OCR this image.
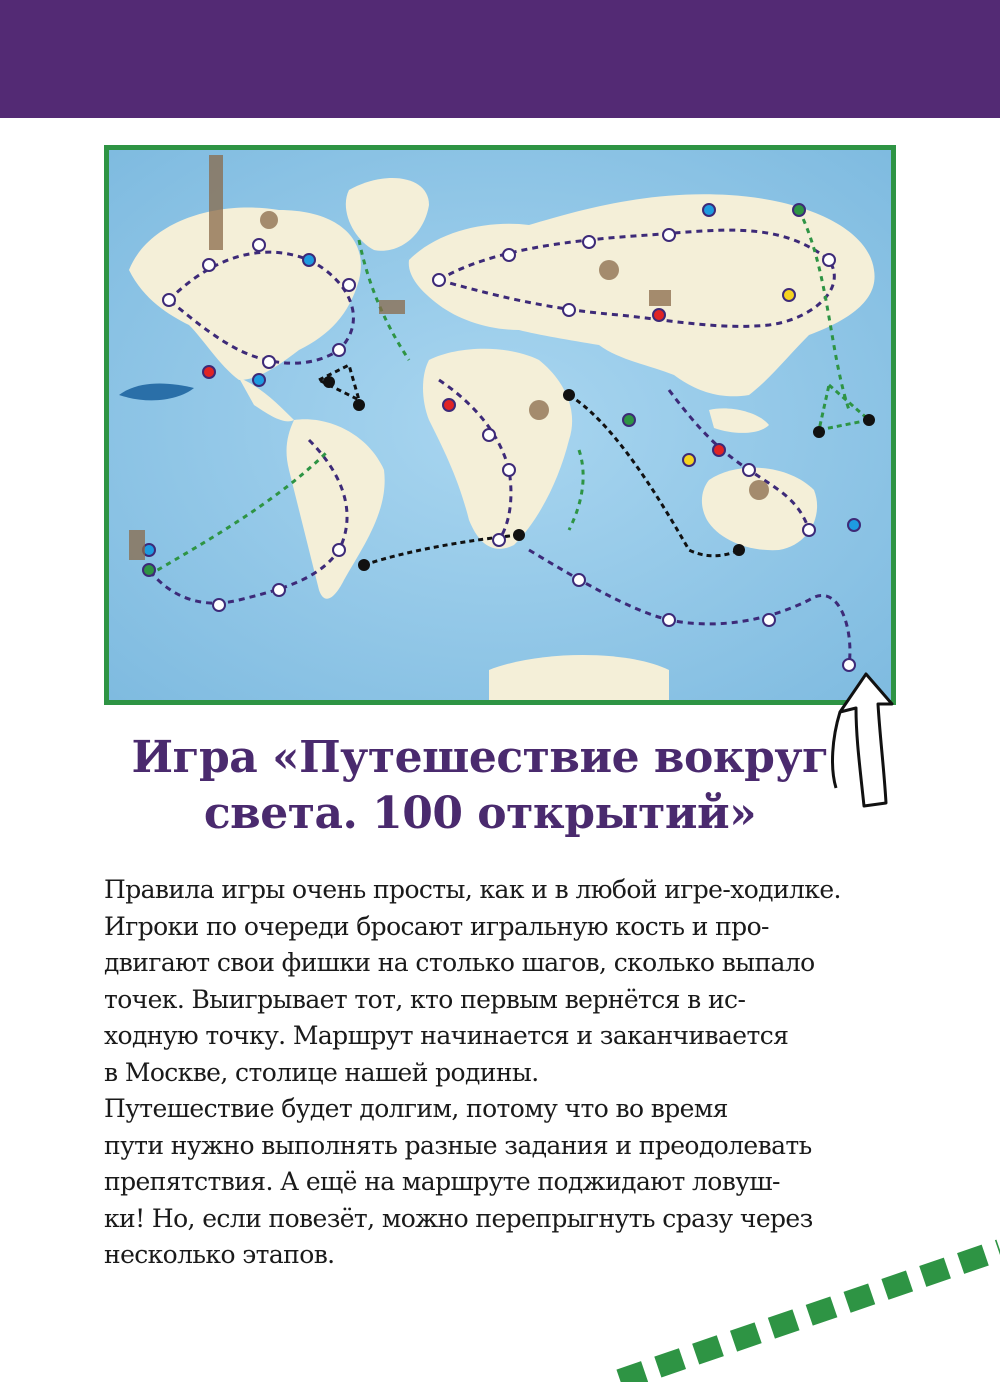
Игра «Путешествие вокруг
света. 100 открытий»
Правила игры очень просты, как и в любой игре-ходилке.
Игроки по очереди бросают игральную кость и про-
двигают свои фишки на столько шагов, сколько выпало
точек. Выигрывает тот, кто первым вернётся в ис-
ходную точку. Маршрут начинается и заканчивается
в Москве, столице нашей родины.
Путешествие будет долгим, потому что во время
пути нужно выполнять разные задания и преодолевать
препятствия. А ещё на маршруте поджидают ловуш-
ки! Но, если повезёт, можно перепрыгнуть сразу через
несколько этапов.
